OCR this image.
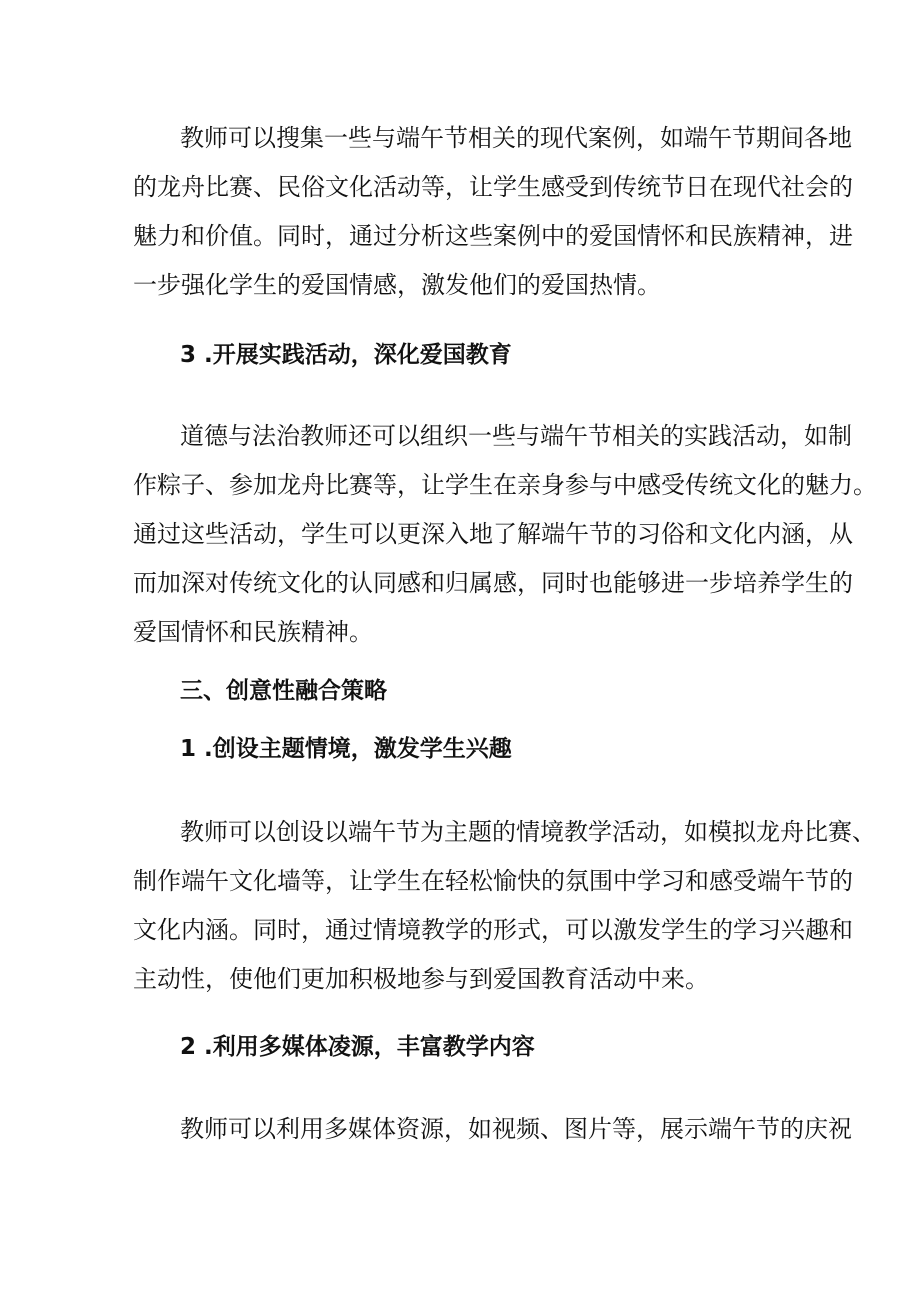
教师可以搜集一些与端午节相关的现代案例，如端午节期间各地
的龙舟比赛、民俗文化活动等，让学生感受到传统节日在现代社会的
魅力和价值。同时，通过分析这些案例中的爱国情怀和民族精神，进
一步强化学生的爱国情感，激发他们的爱国热情。
3 .开展实践活动，深化爱国教育
道德与法治教师还可以组织一些与端午节相关的实践活动，如制
作粽子、参加龙舟比赛等，让学生在亲身参与中感受传统文化的魅力。
通过这些活动，学生可以更深入地了解端午节的习俗和文化内涵，从
而加深对传统文化的认同感和归属感，同时也能够进一步培养学生的
爱国情怀和民族精神。
三、创意性融合策略
1 .创设主题情境，激发学生兴趣
教师可以创设以端午节为主题的情境教学活动，如模拟龙舟比赛、
制作端午文化墙等，让学生在轻松愉快的氛围中学习和感受端午节的
文化内涵。同时，通过情境教学的形式，可以激发学生的学习兴趣和
主动性，使他们更加积极地参与到爱国教育活动中来。
2 .利用多媒体凌源，丰富教学内容
教师可以利用多媒体资源，如视频、图片等，展示端午节的庆祝
